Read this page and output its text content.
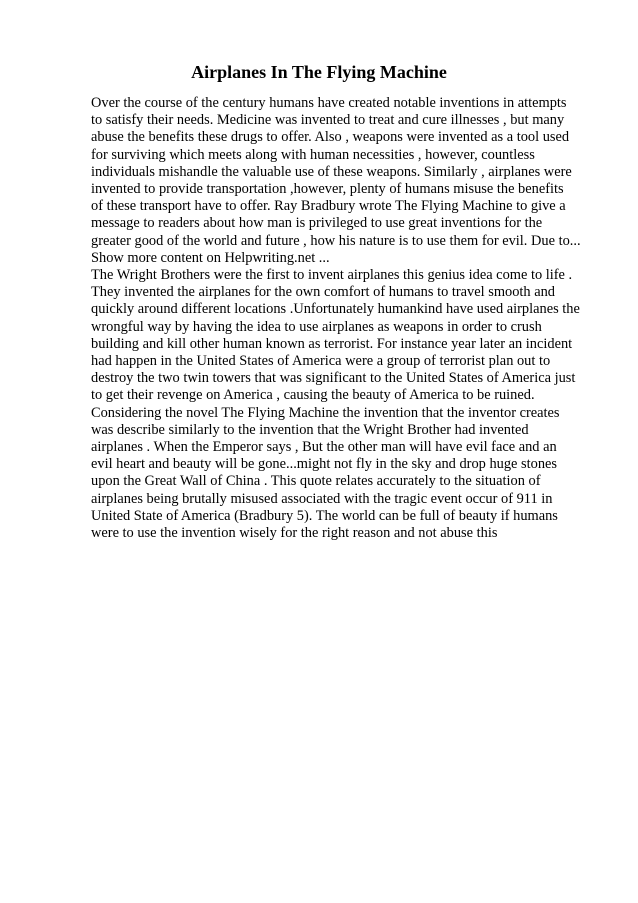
Airplanes In The Flying Machine
Over the course of the century humans have created notable inventions in attempts
to satisfy their needs. Medicine was invented to treat and cure illnesses , but many
abuse the benefits these drugs to offer. Also , weapons were invented as a tool used
for surviving which meets along with human necessities , however, countless
individuals mishandle the valuable use of these weapons. Similarly , airplanes were
invented to provide transportation ,however, plenty of humans misuse the benefits
of these transport have to offer. Ray Bradbury wrote The Flying Machine to give a
message to readers about how man is privileged to use great inventions for the
greater good of the world and future , how his nature is to use them for evil. Due to...
Show more content on Helpwriting.net ...
The Wright Brothers were the first to invent airplanes this genius idea come to life .
They invented the airplanes for the own comfort of humans to travel smooth and
quickly around different locations .Unfortunately humankind have used airplanes the
wrongful way by having the idea to use airplanes as weapons in order to crush
building and kill other human known as terrorist. For instance year later an incident
had happen in the United States of America were a group of terrorist plan out to
destroy the two twin towers that was significant to the United States of America just
to get their revenge on America , causing the beauty of America to be ruined.
Considering the novel The Flying Machine the invention that the inventor creates
was describe similarly to the invention that the Wright Brother had invented
airplanes . When the Emperor says , But the other man will have evil face and an
evil heart and beauty will be gone...might not fly in the sky and drop huge stones
upon the Great Wall of China . This quote relates accurately to the situation of
airplanes being brutally misused associated with the tragic event occur of 911 in
United State of America (Bradbury 5). The world can be full of beauty if humans
were to use the invention wisely for the right reason and not abuse this
